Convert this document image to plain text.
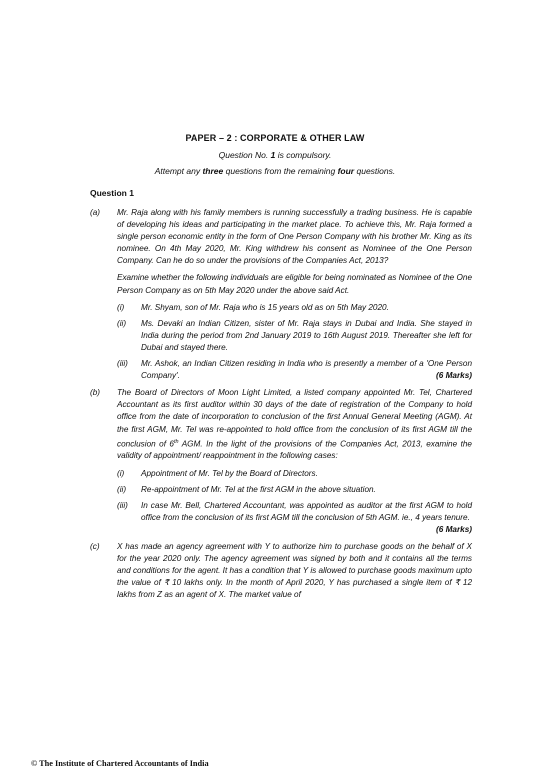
PAPER – 2 : CORPORATE & OTHER LAW
Question No. 1 is compulsory.
Attempt any three questions from the remaining four questions.
Question 1
(a) Mr. Raja along with his family members is running successfully a trading business. He is capable of developing his ideas and participating in the market place. To achieve this, Mr. Raja formed a single person economic entity in the form of One Person Company with his brother Mr. King as its nominee. On 4th May 2020, Mr. King withdrew his consent as Nominee of the One Person Company. Can he do so under the provisions of the Companies Act, 2013?

Examine whether the following individuals are eligible for being nominated as Nominee of the One Person Company as on 5th May 2020 under the above said Act.

(i) Mr. Shyam, son of Mr. Raja who is 15 years old as on 5th May 2020.
(ii) Ms. Devaki an Indian Citizen, sister of Mr. Raja stays in Dubai and India. She stayed in India during the period from 2nd January 2019 to 16th August 2019. Thereafter she left for Dubai and stayed there.
(iii) Mr. Ashok, an Indian Citizen residing in India who is presently a member of a 'One Person Company'.	(6 Marks)
(b) The Board of Directors of Moon Light Limited, a listed company appointed Mr. Tel, Chartered Accountant as its first auditor within 30 days of the date of registration of the Company to hold office from the date of incorporation to conclusion of the first Annual General Meeting (AGM). At the first AGM, Mr. Tel was re-appointed to hold office from the conclusion of its first AGM till the conclusion of 6th AGM. In the light of the provisions of the Companies Act, 2013, examine the validity of appointment/ reappointment in the following cases:

(i) Appointment of Mr. Tel by the Board of Directors.
(ii) Re-appointment of Mr. Tel at the first AGM in the above situation.
(iii) In case Mr. Bell, Chartered Accountant, was appointed as auditor at the first AGM to hold office from the conclusion of its first AGM till the conclusion of 5th AGM. ie., 4 years tenure.
(6 Marks)
(c) X has made an agency agreement with Y to authorize him to purchase goods on the behalf of X for the year 2020 only. The agency agreement was signed by both and it contains all the terms and conditions for the agent. It has a condition that Y is allowed to purchase goods maximum upto the value of ₹ 10 lakhs only. In the month of April 2020, Y has purchased a single item of ₹ 12 lakhs from Z as an agent of X. The market value of

© The Institute of Chartered Accountants of India
